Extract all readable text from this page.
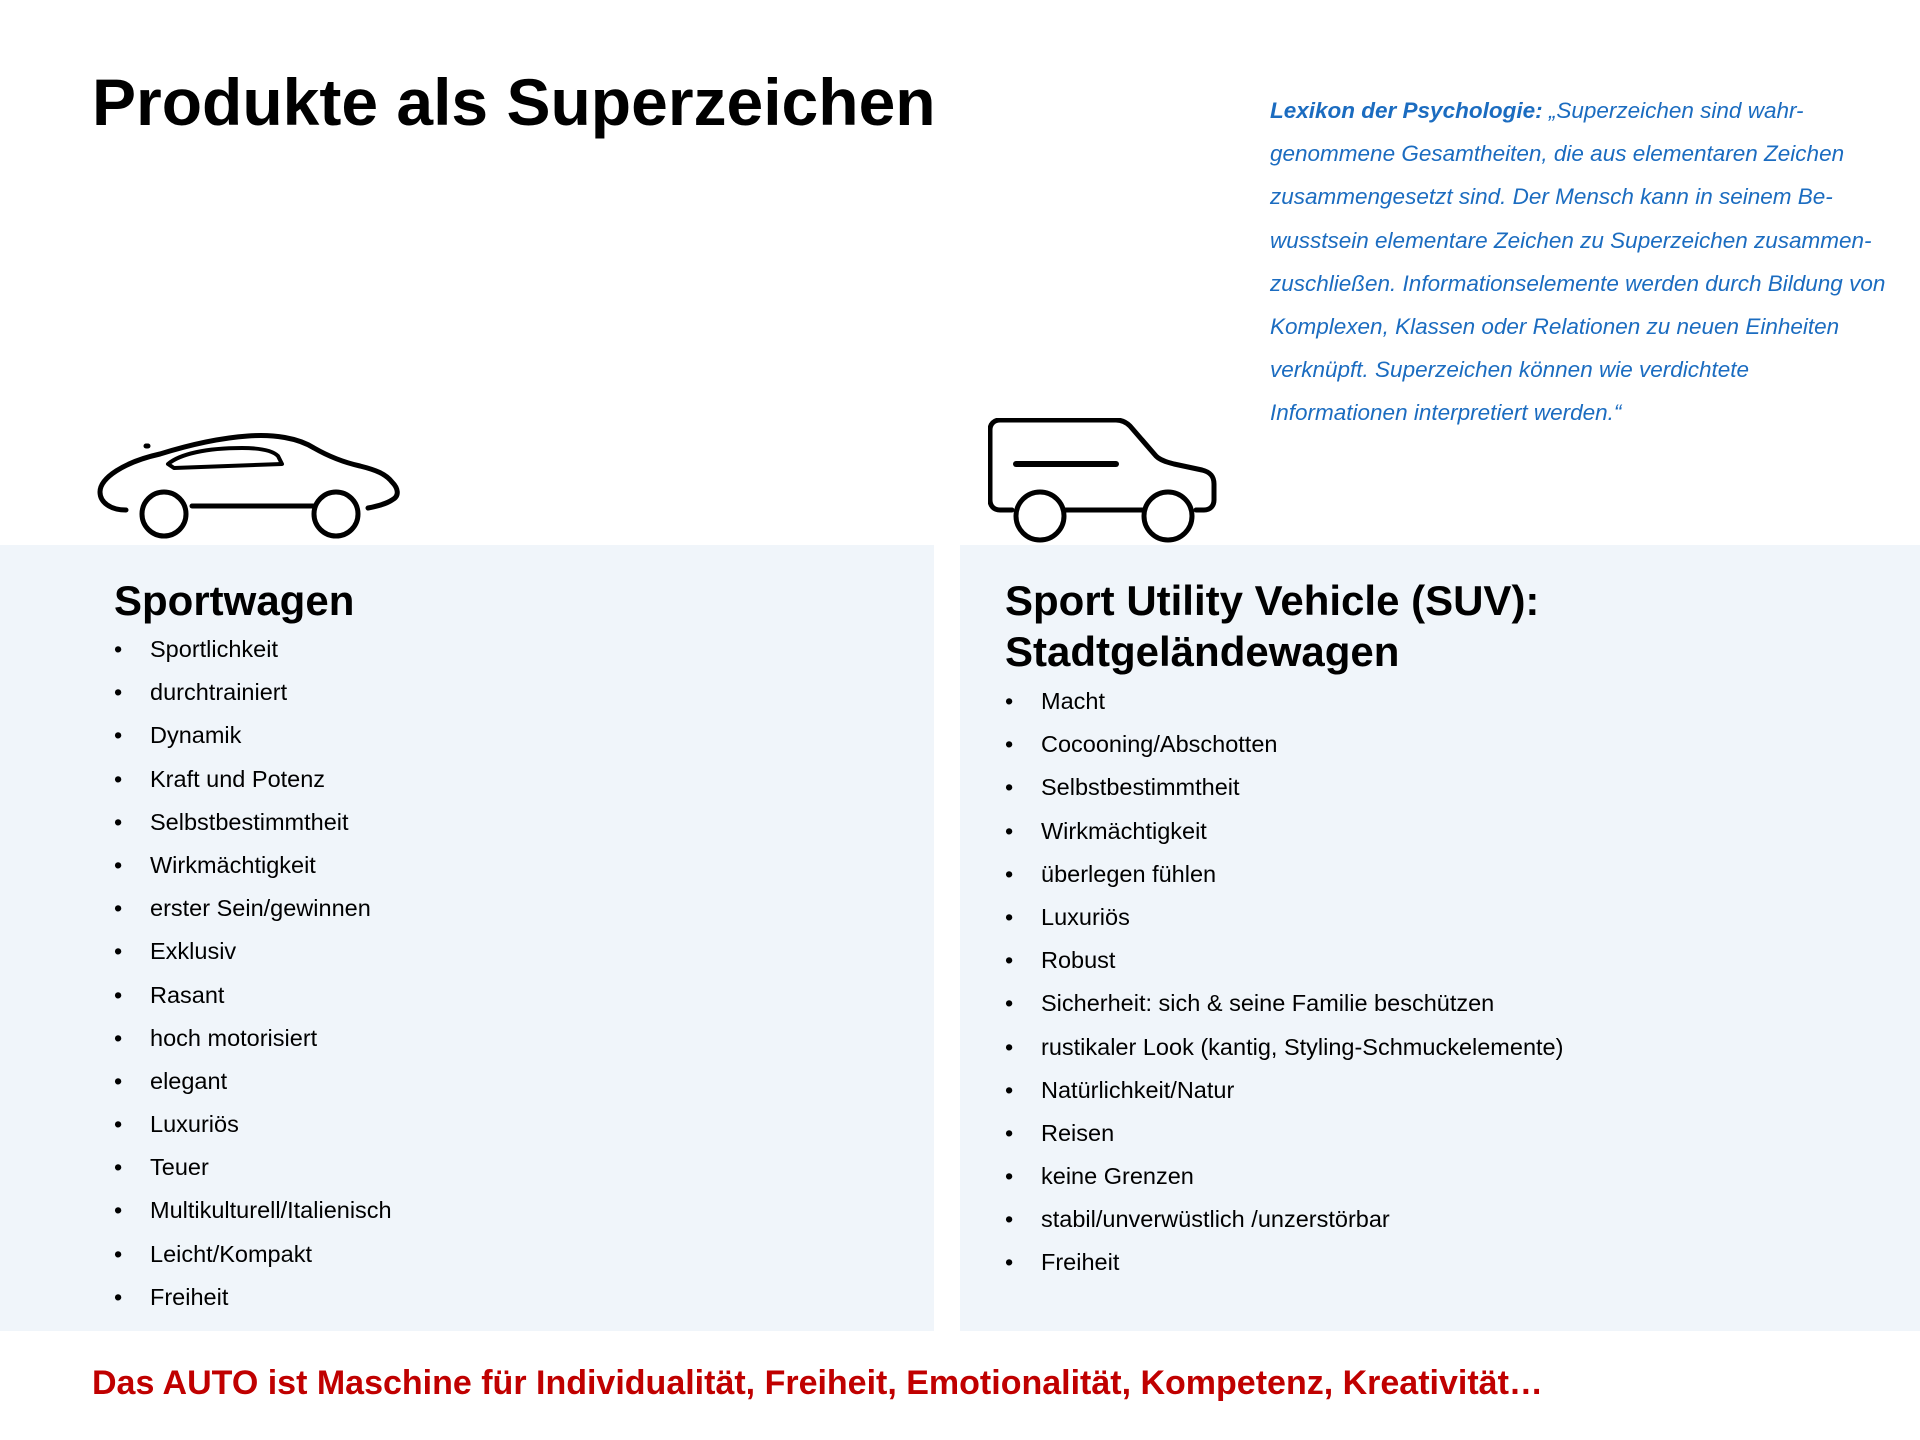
Produkte als Superzeichen	Lexikon der Psychologie: „Superzeichen sind wahr-genommene Gesamtheiten, die aus elementaren Zeichen zusammengesetzt sind. Der Mensch kann in seinem Be-wusstsein elementare Zeichen zu Superzeichen zusammen-zuschließen. Informationselemente werden durch Bildung von Komplexen, Klassen oder Relationen zu neuen Einheiten verknüpft. Superzeichen können wie verdichtete Informationen interpretiert werden.“
Sportwagen	Sport Utility Vehicle (SUV):
Stadtgeländewagen
•	Sportlichkeit
•	durchtrainiert
•	Dynamik
•	Kraft und Potenz
•	Selbstbestimmtheit
•	Wirkmächtigkeit
•	erster Sein/gewinnen
•	Exklusiv
•	Rasant
•	hoch motorisiert
•	elegant
•	Luxuriös
•	Teuer
•	Multikulturell/Italienisch
•	Leicht/Kompakt
•	Freiheit
•	Macht
•	Cocooning/Abschotten
•	Selbstbestimmtheit
•	Wirkmächtigkeit
•	überlegen fühlen
•	Luxuriös
•	Robust
•	Sicherheit: sich & seine Familie beschützen
•	rustikaler Look (kantig, Styling-Schmuckelemente)
•	Natürlichkeit/Natur
•	Reisen
•	keine Grenzen
•	stabil/unverwüstlich /unzerstörbar
•	Freiheit

Das AUTO ist Maschine für Individualität, Freiheit, Emotionalität, Kompetenz, Kreativität…
